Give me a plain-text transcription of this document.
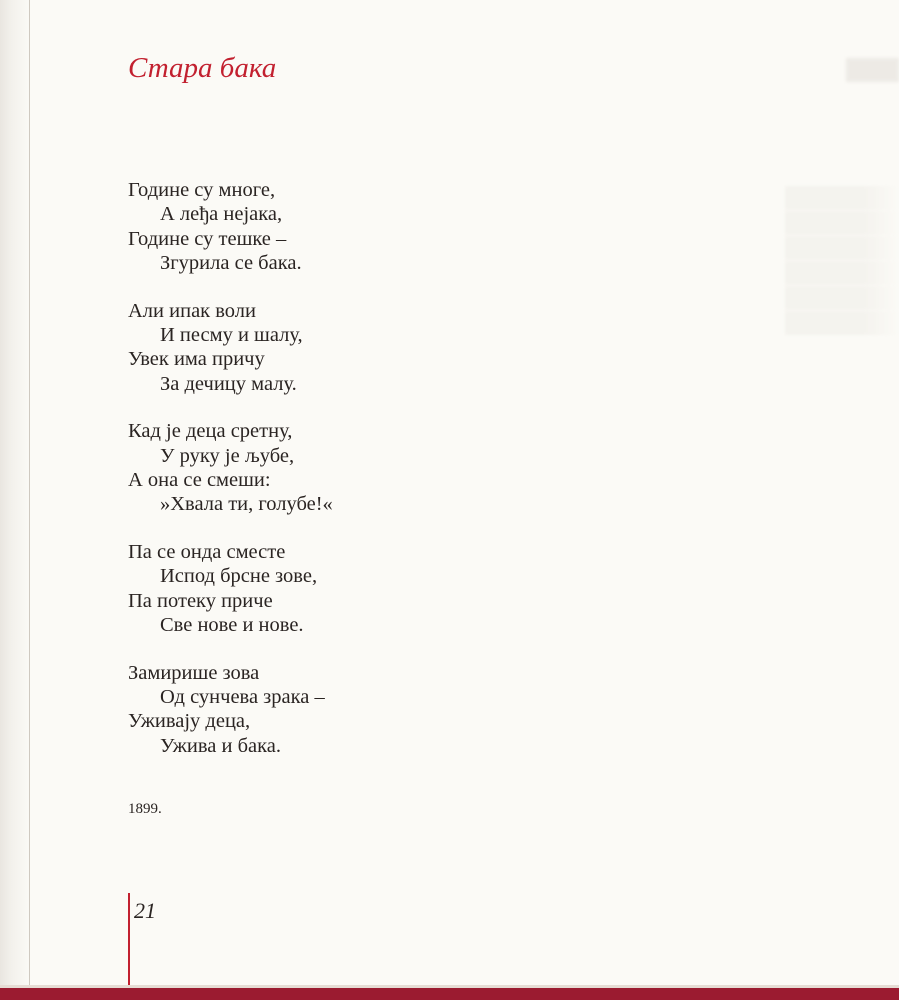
Стара бака
Године су многе,
А леђа нејака,
Године су тешке –
Згурила се бака.
Али ипак воли
И песму и шалу,
Увек има причу
За дечицу малу.
Кад је деца сретну,
У руку је љубе,
А она се смеши:
»Хвала ти, голубе!«
Па се онда сместе
Испод брсне зове,
Па потеку приче
Све нове и нове.
Замирише зова
Од сунчева зрака –
Уживају деца,
Ужива и бака.
1899.
21
